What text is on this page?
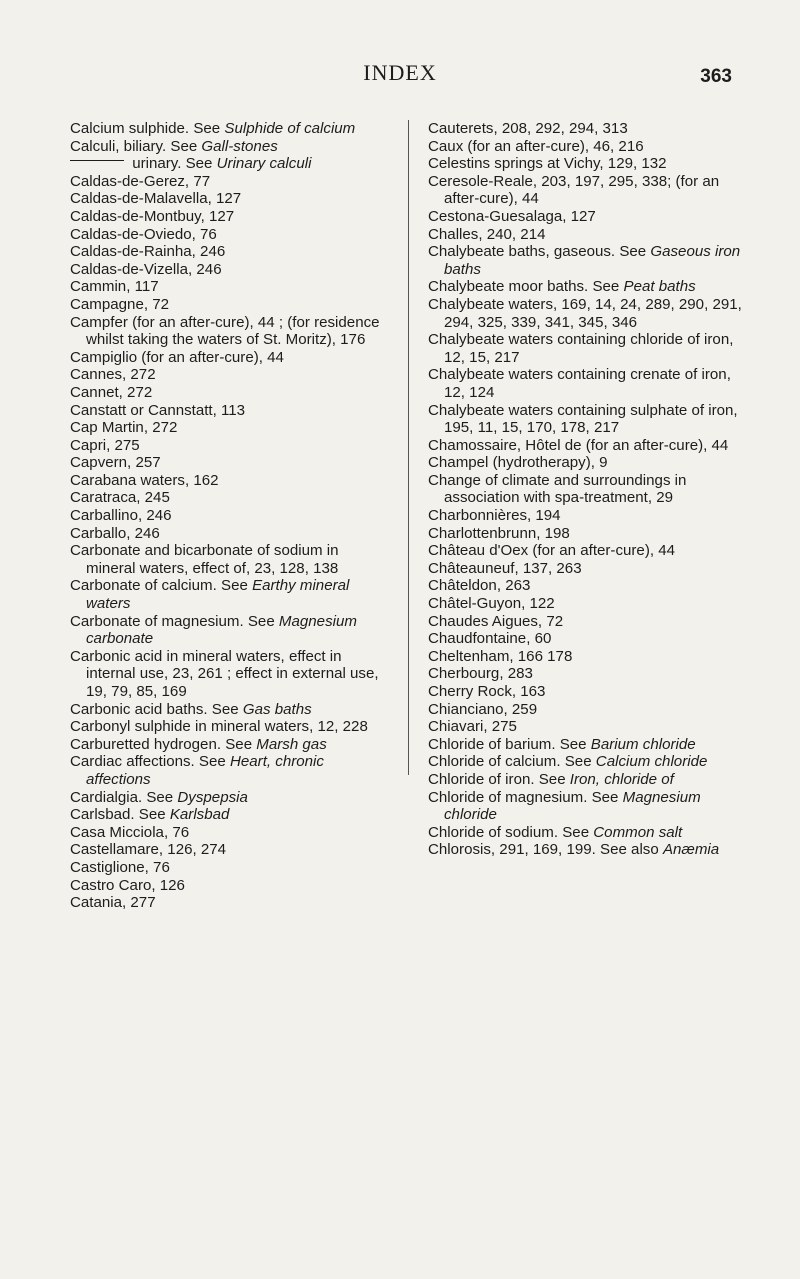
INDEX	363

Calcium sulphide. See Sulphide of calcium

Calculi, biliary. See Gall-stones

urinary. See Urinary calculi

Caldas-de-Gerez, 77

Caldas-de-Malavella, 127

Caldas-de-Montbuy, 127

Caldas-de-Oviedo, 76

Caldas-de-Rainha, 246

Caldas-de-Vizella, 246

Cammin, 117

Campagne, 72

Campfer (for an after-cure), 44 ; (for residence whilst taking the waters of St. Moritz), 176

Campiglio (for an after-cure), 44

Cannes, 272

Cannet, 272

Canstatt or Cannstatt, 113

Cap Martin, 272

Capri, 275

Capvern, 257

Carabana waters, 162

Caratraca, 245

Carballino, 246

Carballo, 246

Carbonate and bicarbonate of sodium in mineral waters, effect of, 23, 128, 138

Carbonate of calcium. See Earthy mineral waters

Carbonate of magnesium. See Magnesium carbonate

Carbonic acid in mineral waters, effect in internal use, 23, 261 ; effect in external use, 19, 79, 85, 169

Carbonic acid baths. See Gas baths

Carbonyl sulphide in mineral waters, 12, 228

Carburetted hydrogen. See Marsh gas

Cardiac affections. See Heart, chronic affections

Cardialgia. See Dyspepsia

Carlsbad. See Karlsbad

Casa Micciola, 76

Castellamare, 126, 274

Castiglione, 76

Castro Caro, 126

Catania, 277

Cauterets, 208, 292, 294, 313

Caux (for an after-cure), 46, 216

Celestins springs at Vichy, 129, 132

Ceresole-Reale, 203, 197, 295, 338; (for an after-cure), 44

Cestona-Guesalaga, 127

Challes, 240, 214

Chalybeate baths, gaseous. See Gaseous iron baths

Chalybeate moor baths. See Peat baths

Chalybeate waters, 169, 14, 24, 289, 290, 291, 294, 325, 339, 341, 345, 346

Chalybeate waters containing chloride of iron, 12, 15, 217

Chalybeate waters containing crenate of iron, 12, 124

Chalybeate waters containing sulphate of iron, 195, 11, 15, 170, 178, 217

Chamossaire, Hôtel de (for an after-cure), 44

Champel (hydrotherapy), 9

Change of climate and surroundings in association with spa-treatment, 29

Charbonnières, 194

Charlottenbrunn, 198

Château d'Oex (for an after-cure), 44

Châteauneuf, 137, 263

Châteldon, 263

Châtel-Guyon, 122

Chaudes Aigues, 72

Chaudfontaine, 60

Cheltenham, 166 178

Cherbourg, 283

Cherry Rock, 163

Chianciano, 259

Chiavari, 275

Chloride of barium. See Barium chloride

Chloride of calcium. See Calcium chloride

Chloride of iron. See Iron, chloride of

Chloride of magnesium. See Magnesium chloride

Chloride of sodium. See Common salt

Chlorosis, 291, 169, 199. See also Anæmia
